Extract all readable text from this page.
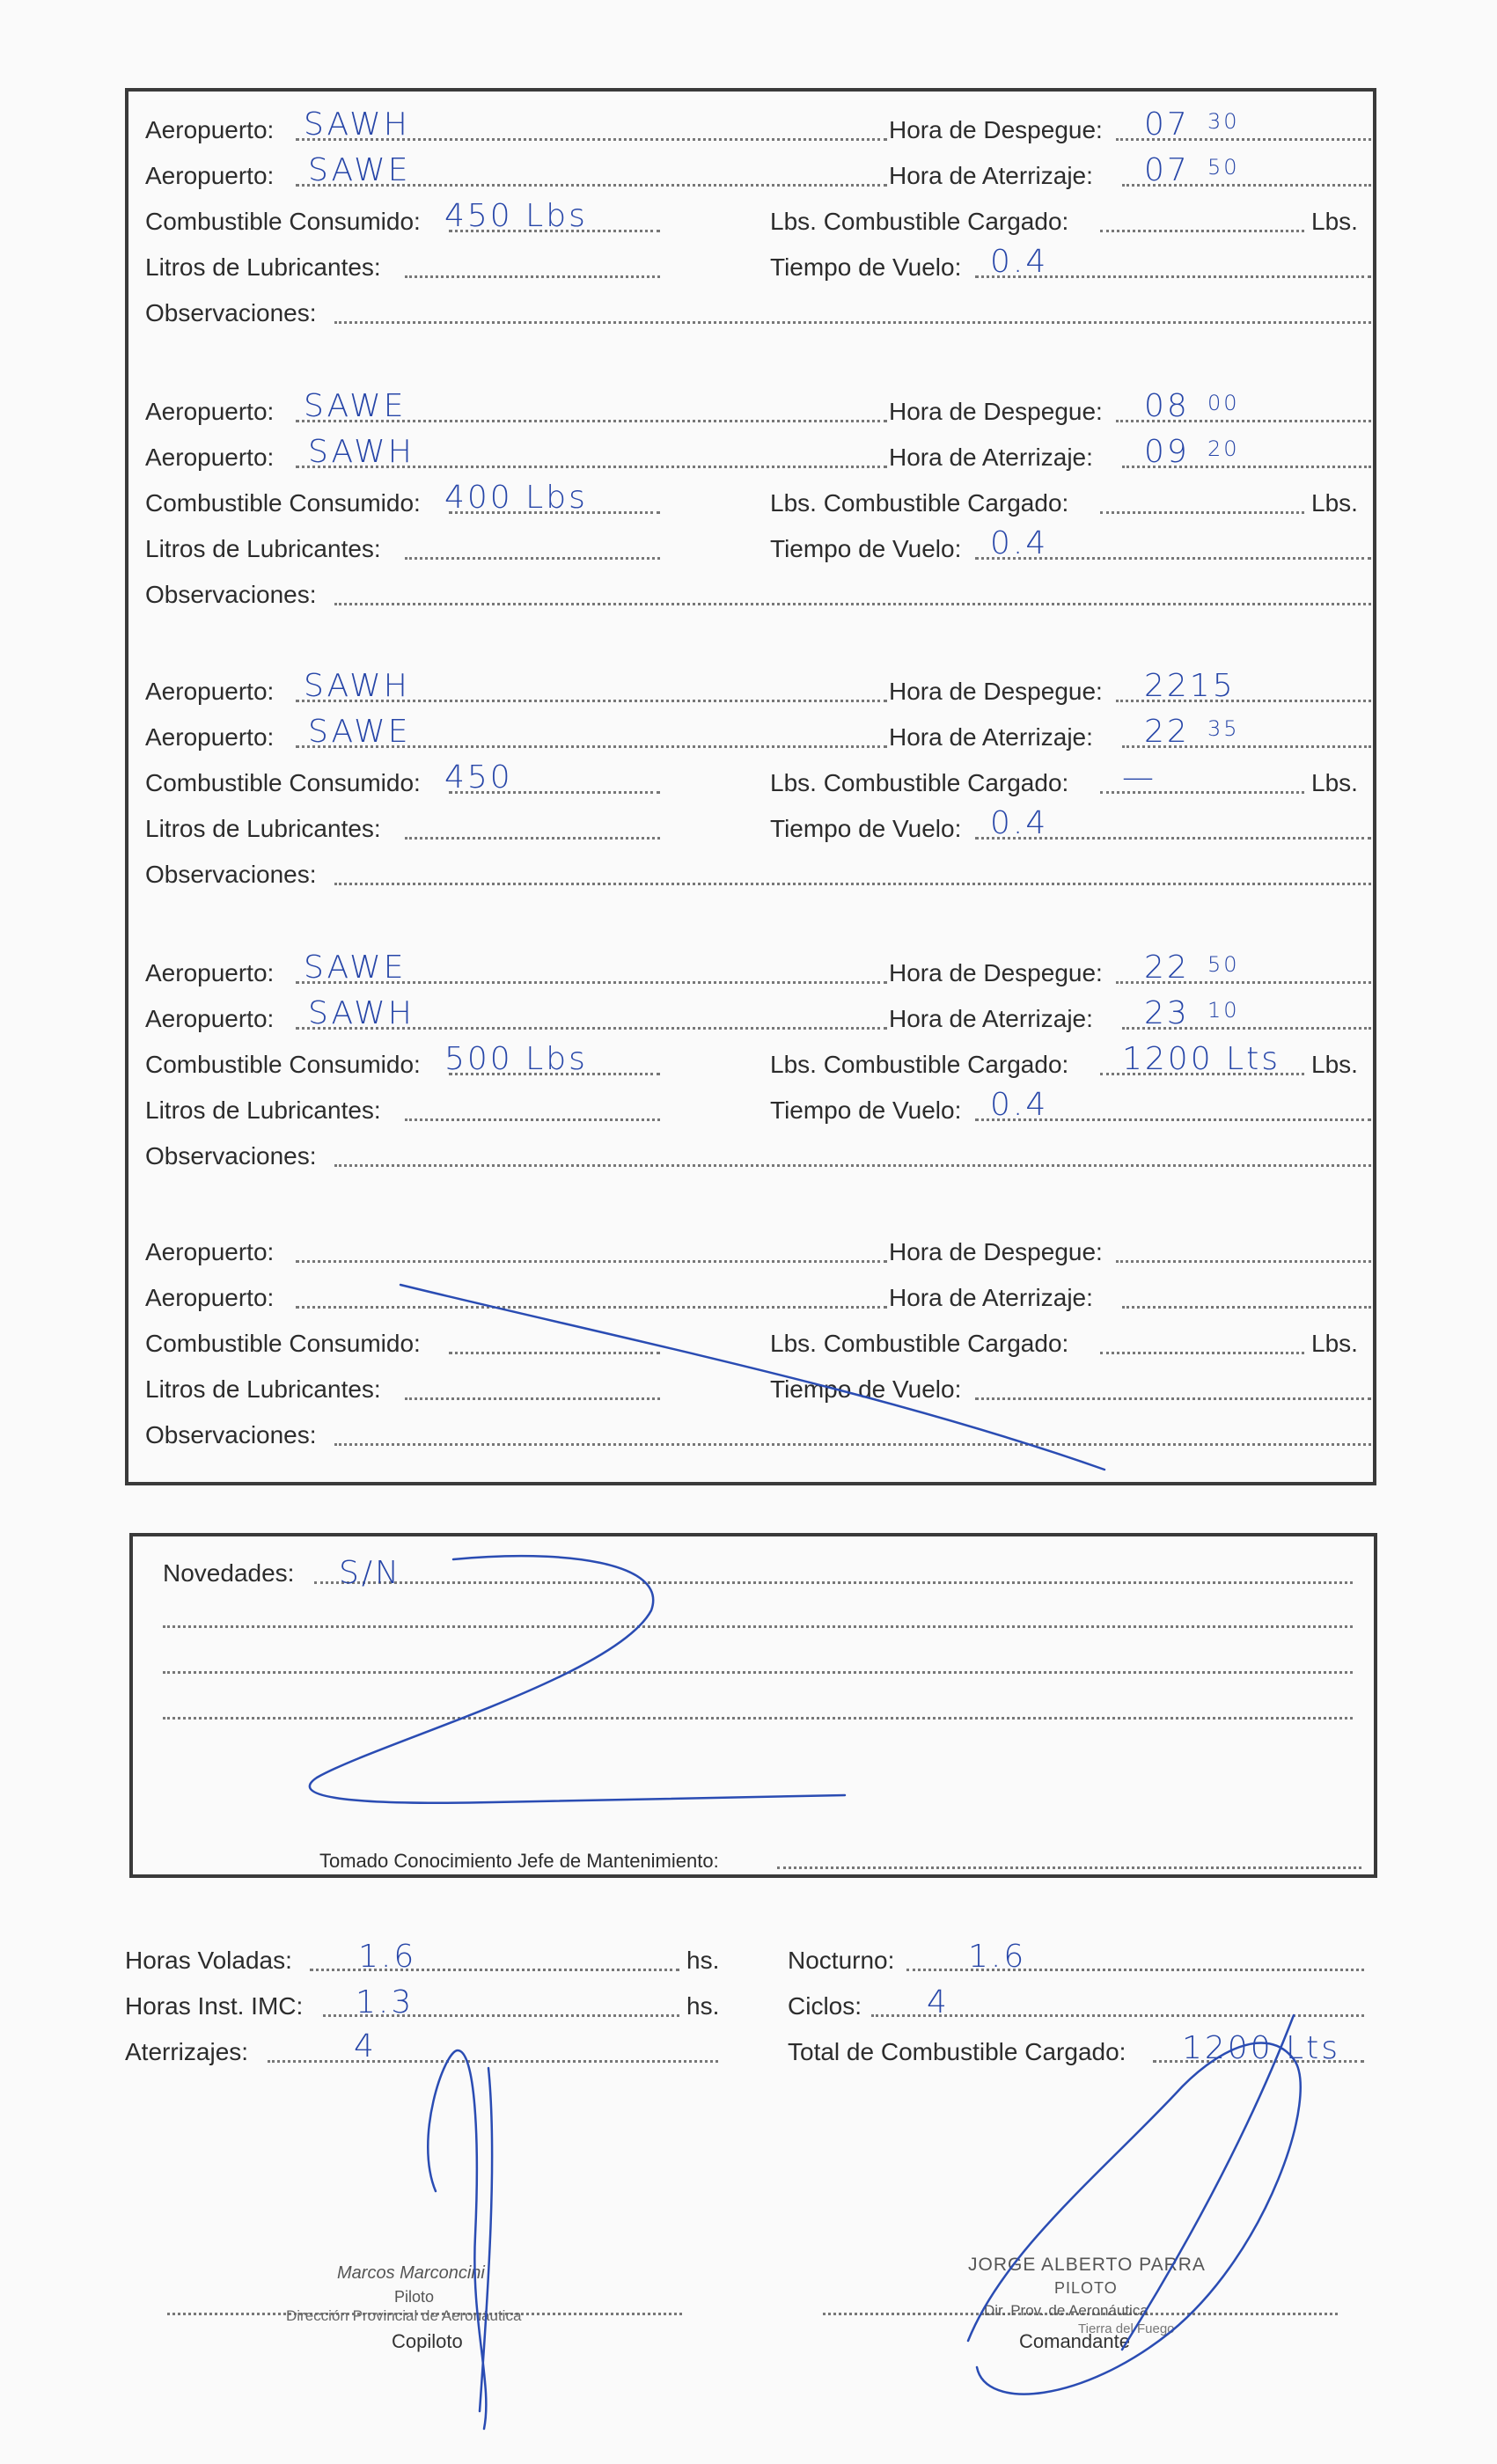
Aeropuerto: SAWH	Hora de Despegue: 07 30
Aeropuerto: SAWE	Hora de Aterrizaje: 07 50
Combustible Consumido: 450 Lbs	Lbs. Combustible Cargado:	Lbs.
Litros de Lubricantes:	Tiempo de Vuelo: 0.4
Observaciones:
Aeropuerto: SAWE	Hora de Despegue: 08 00
Aeropuerto: SAWH	Hora de Aterrizaje: 09 20
Combustible Consumido: 400 Lbs	Lbs. Combustible Cargado:	Lbs.
Litros de Lubricantes:	Tiempo de Vuelo: 0.4
Observaciones:
Aeropuerto: SAWH	Hora de Despegue: 2215
Aeropuerto: SAWE	Hora de Aterrizaje: 22 35
Combustible Consumido: 450	Lbs. Combustible Cargado: —	Lbs.
Litros de Lubricantes:	Tiempo de Vuelo: 0.4
Observaciones:
Aeropuerto: SAWE	Hora de Despegue: 22 50
Aeropuerto: SAWH	Hora de Aterrizaje: 23 10
Combustible Consumido: 500 Lbs	Lbs. Combustible Cargado: 1200 Lts Lbs.
Litros de Lubricantes:	Tiempo de Vuelo: 0.4
Observaciones:
Aeropuerto:	Hora de Despegue:
Aeropuerto:	Hora de Aterrizaje:
Combustible Consumido:	Lbs. Combustible Cargado:	Lbs.
Litros de Lubricantes:	Tiempo de Vuelo:
Observaciones:
Novedades: S/N
Tomado Conocimiento Jefe de Mantenimiento:
Horas Voladas: 1.6	hs.
Horas Inst. IMC: 1.3	hs.
Aterrizajes:	4
Nocturno: 1.6
Ciclos: 4
Total de Combustible Cargado: 1200 Lts
Marcos Marconcini
Piloto
Dirección Provincial de Aeronáutica
Copiloto
JORGE ALBERTO PARRA
PILOTO
Dir. Prov. de Aeronáutica
Tierra del Fuego
Comandante
